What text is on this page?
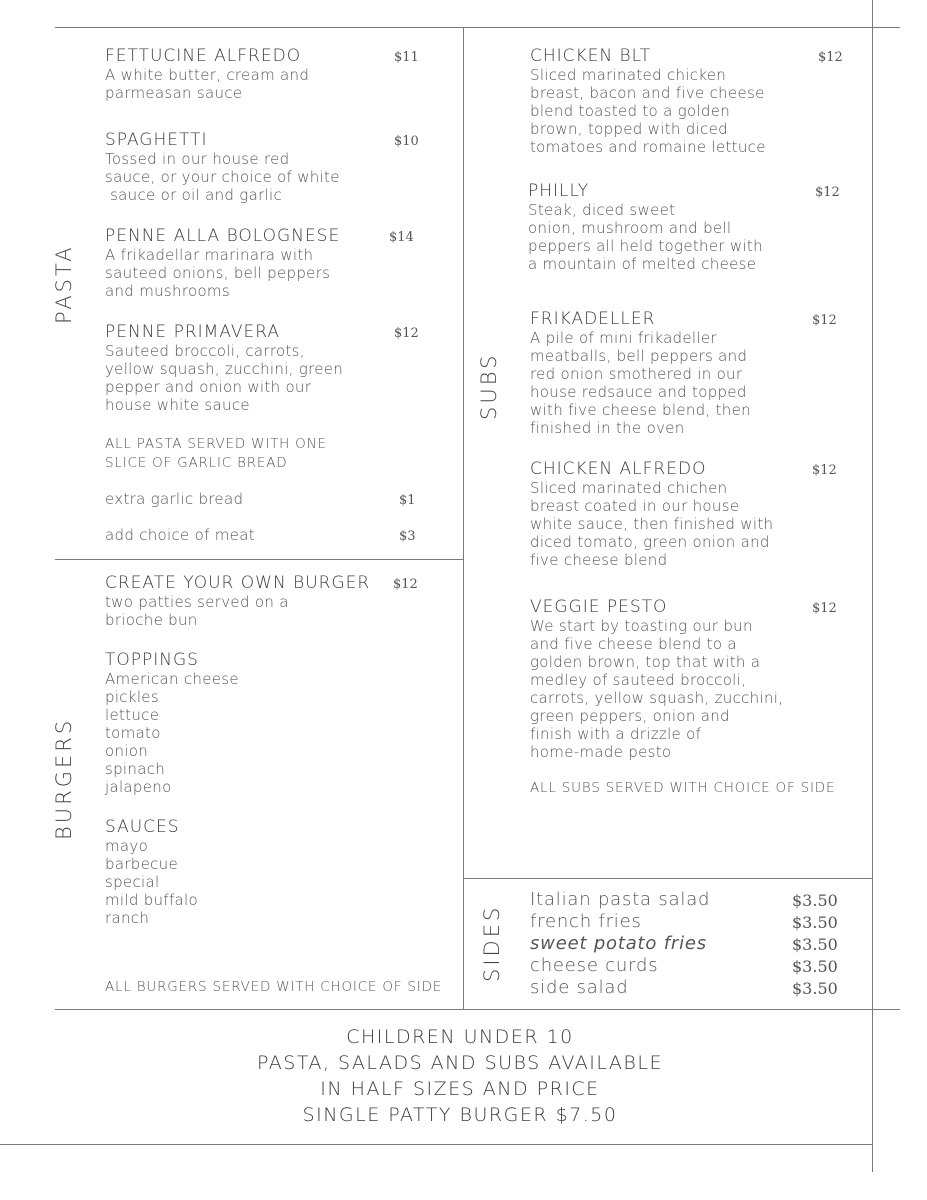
PASTA
BURGERS
SUBS
SIDES
FETTUCINE ALFREDO
A white butter, cream and
parmeasan sauce
$11
SPAGHETTI
Tossed in our house red
sauce, or your choice of white
sauce or oil and garlic
$10
PENNE ALLA BOLOGNESE
A frikadellar marinara with
sauteed onions, bell peppers
and mushrooms
$14
PENNE PRIMAVERA
Sauteed broccoli, carrots,
yellow squash, zucchini, green
pepper and onion with our
house white sauce
$12
ALL PASTA SERVED WITH ONE
SLICE OF GARLIC BREAD
extra garlic bread	$1
add choice of meat	$3
CREATE YOUR OWN BURGER
two patties served on a
brioche bun
$12
TOPPINGS
American cheese
pickles
lettuce
tomato
onion
spinach
jalapeno
SAUCES
mayo
barbecue
special
mild buffalo
ranch
ALL BURGERS SERVED WITH CHOICE OF SIDE
CHICKEN BLT
Sliced marinated chicken
breast, bacon and five cheese
blend toasted to a golden
brown, topped with diced
tomatoes and romaine lettuce
$12
PHILLY
Steak, diced sweet
onion, mushroom and bell
peppers all held together with
a mountain of melted cheese
$12
FRIKADELLER
A pile of mini frikadeller
meatballs, bell peppers and
red onion smothered in our
house redsauce and topped
with five cheese blend, then
finished in the oven
$12
CHICKEN ALFREDO
Sliced marinated chichen
breast coated in our house
white sauce, then finished with
diced tomato, green onion and
five cheese blend
$12
VEGGIE PESTO
We start by toasting our bun
and five cheese blend to a
golden brown, top that with a
medley of sauteed broccoli,
carrots, yellow squash, zucchini,
green peppers, onion and
finish with a drizzle of
home-made pesto
$12
ALL SUBS SERVED WITH CHOICE OF SIDE
Italian pasta salad	$3.50
french fries	$3.50
sweet potato fries	$3.50
cheese curds	$3.50
side salad	$3.50
CHILDREN UNDER 10
PASTA, SALADS AND SUBS AVAILABLE
IN HALF SIZES AND PRICE
SINGLE PATTY BURGER $7.50
